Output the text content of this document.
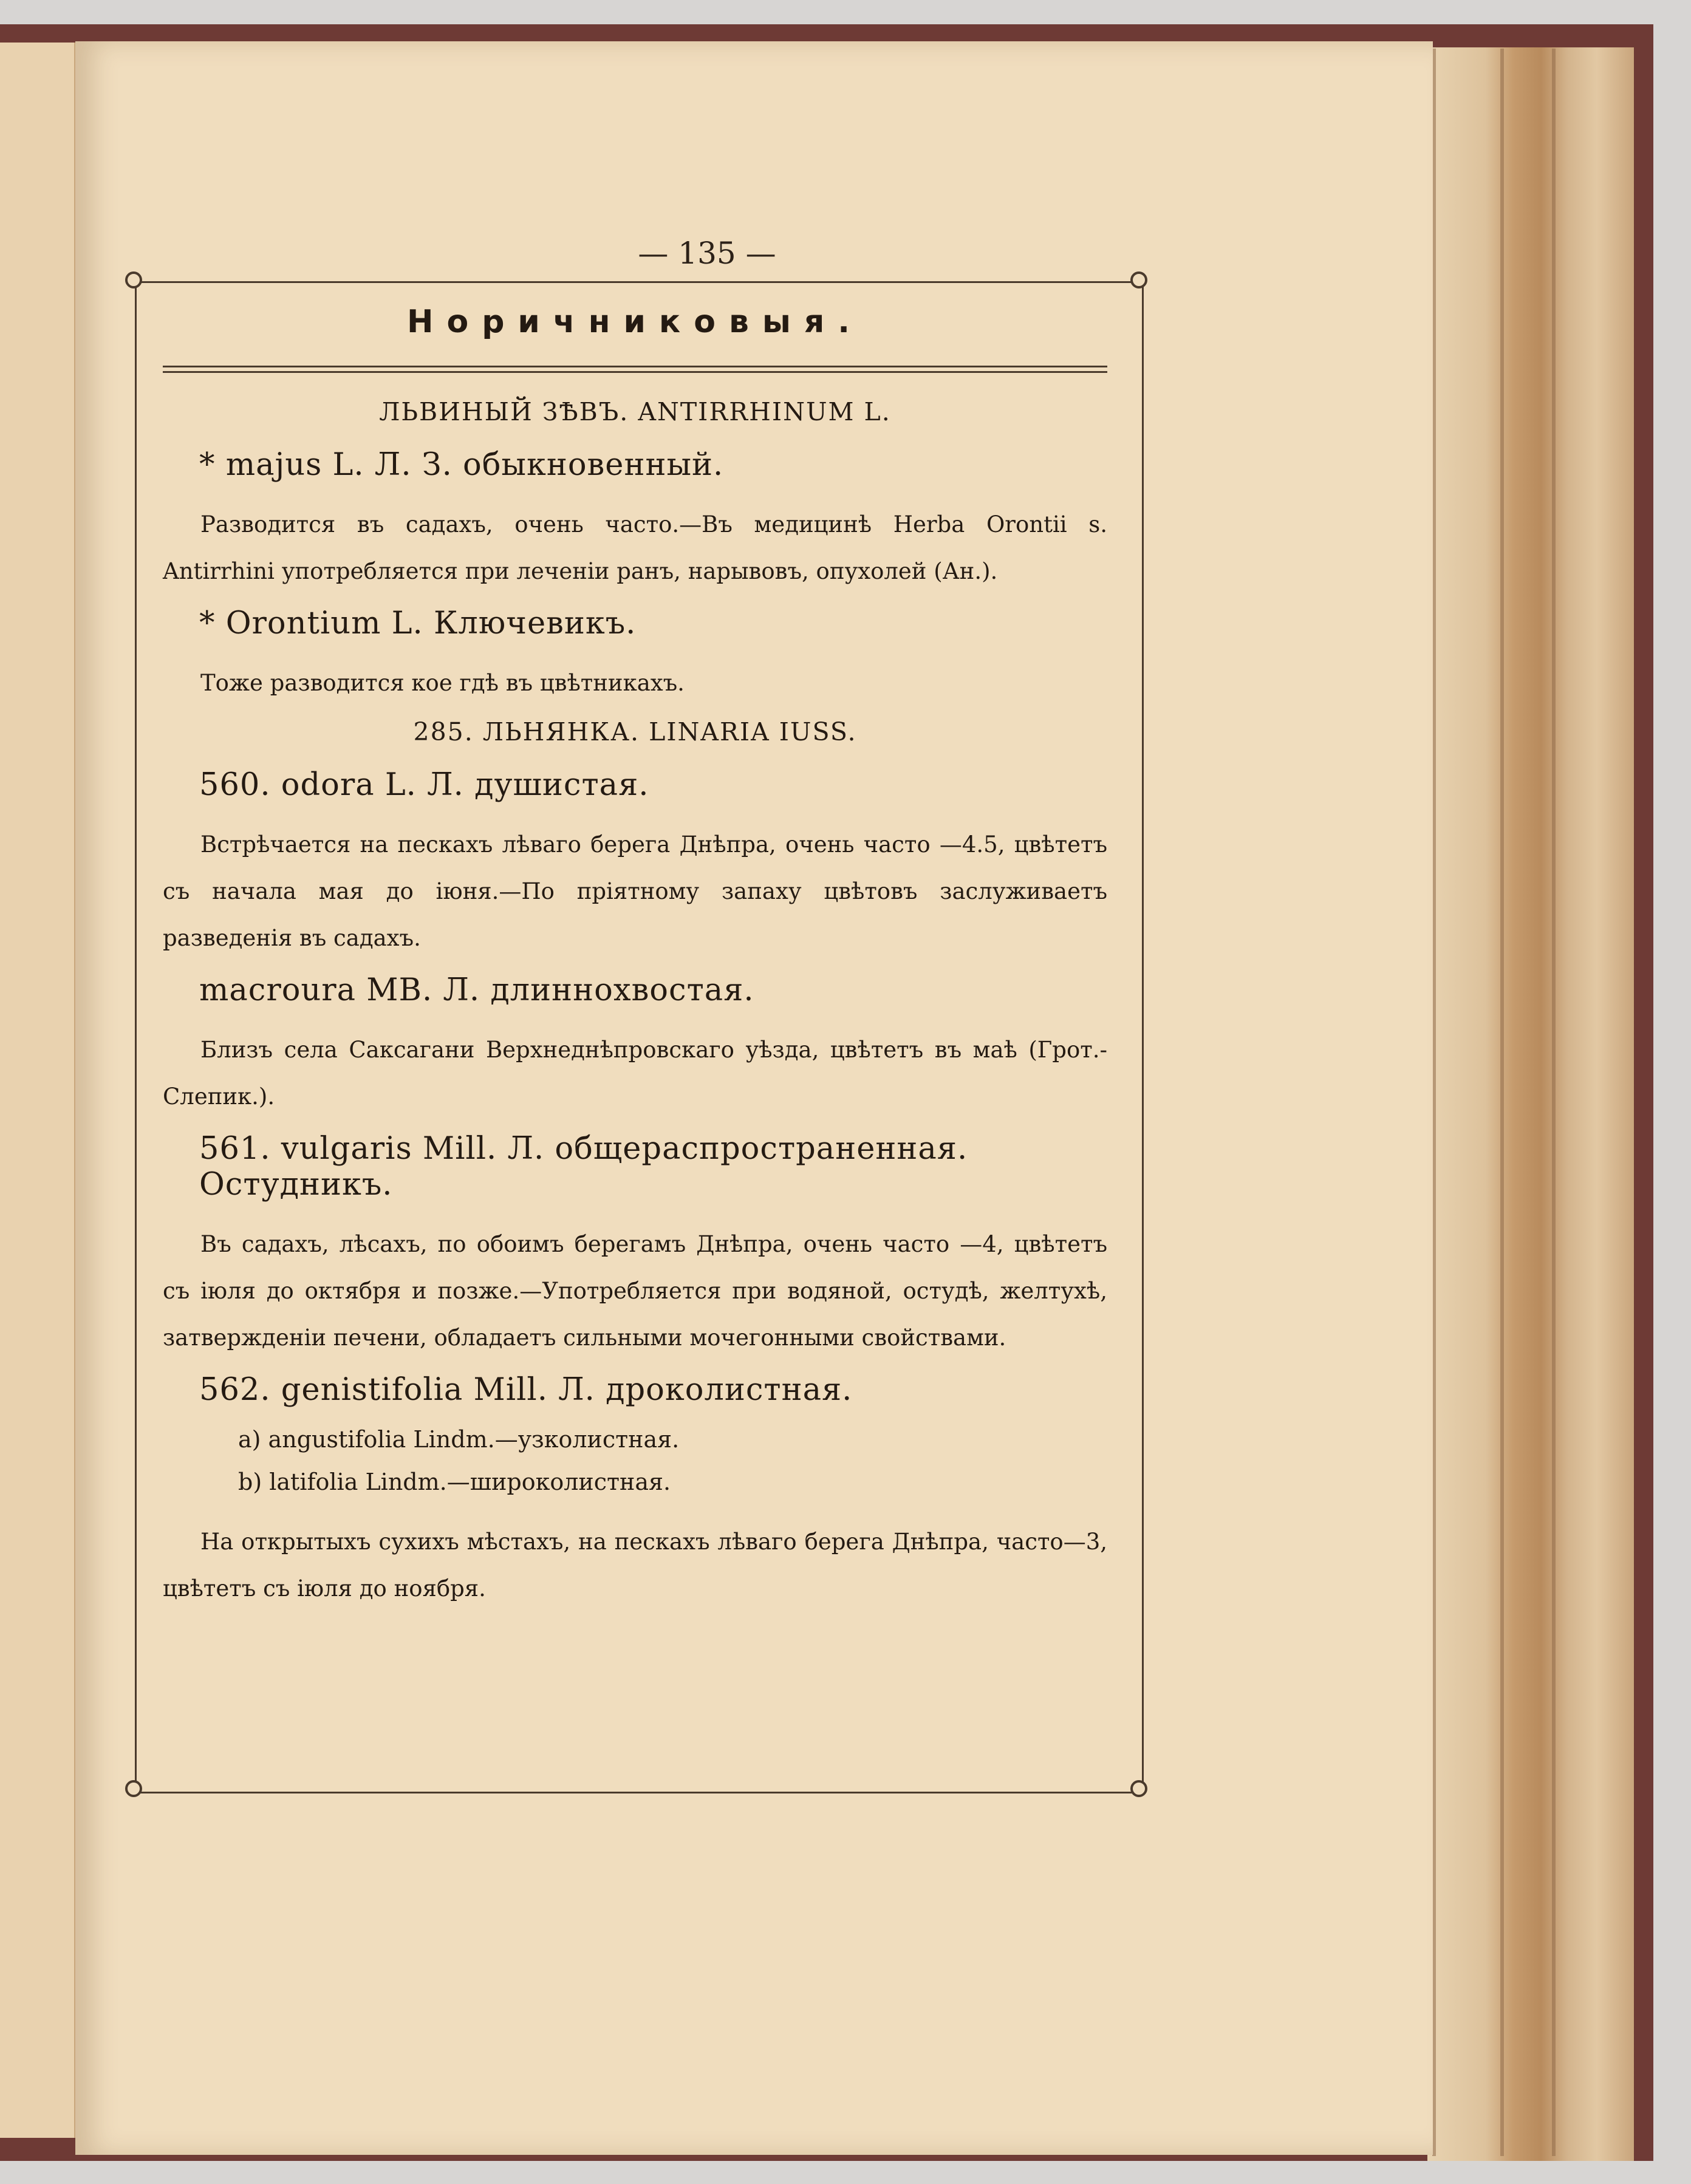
— 135 —
Норичниковыя.
ЛЬВИНЫЙ ЗѢВЪ. ANTIRRHINUM L.
* majus L. Л. З. обыкновенный.
Разводится въ садахъ, очень часто.—Въ медицинѣ Herba Orontii s. Antirrhini употребляется при леченіи ранъ, нарывовъ, опухолей (Ан.).
* Orontium L. Ключевикъ.
Тоже разводится кое гдѣ въ цвѣтникахъ.
285. ЛЬНЯНКА. LINARIA IUSS.
560. odora L. Л. душистая.
Встрѣчается на пескахъ лѣваго берега Днѣпра, очень часто —4.5, цвѣтетъ съ начала мая до іюня.—По пріятному запаху цвѣтовъ заслуживаетъ разведенія въ садахъ.
macroura MB. Л. длиннохвостая.
Близъ села Саксагани Верхнеднѣпровскаго уѣзда, цвѣтетъ въ маѣ (Грот.-Слепик.).
561. vulgaris Mill. Л. общераспространенная. Остудникъ.
Въ садахъ, лѣсахъ, по обоимъ берегамъ Днѣпра, очень часто —4, цвѣтетъ съ іюля до октября и позже.—Употребляется при водяной, остудѣ, желтухѣ, затверждeніи печени, обладаетъ сильными мочегонными свойствами.
562. genistifolia Mill. Л. дроколистная.
a) angustifolia Lindm.—узколистная.
b) latifolia Lindm.—широколистная.
На открытыхъ сухихъ мѣстахъ, на пескахъ лѣваго берега Днѣпра, часто—3, цвѣтетъ съ іюля до ноября.
